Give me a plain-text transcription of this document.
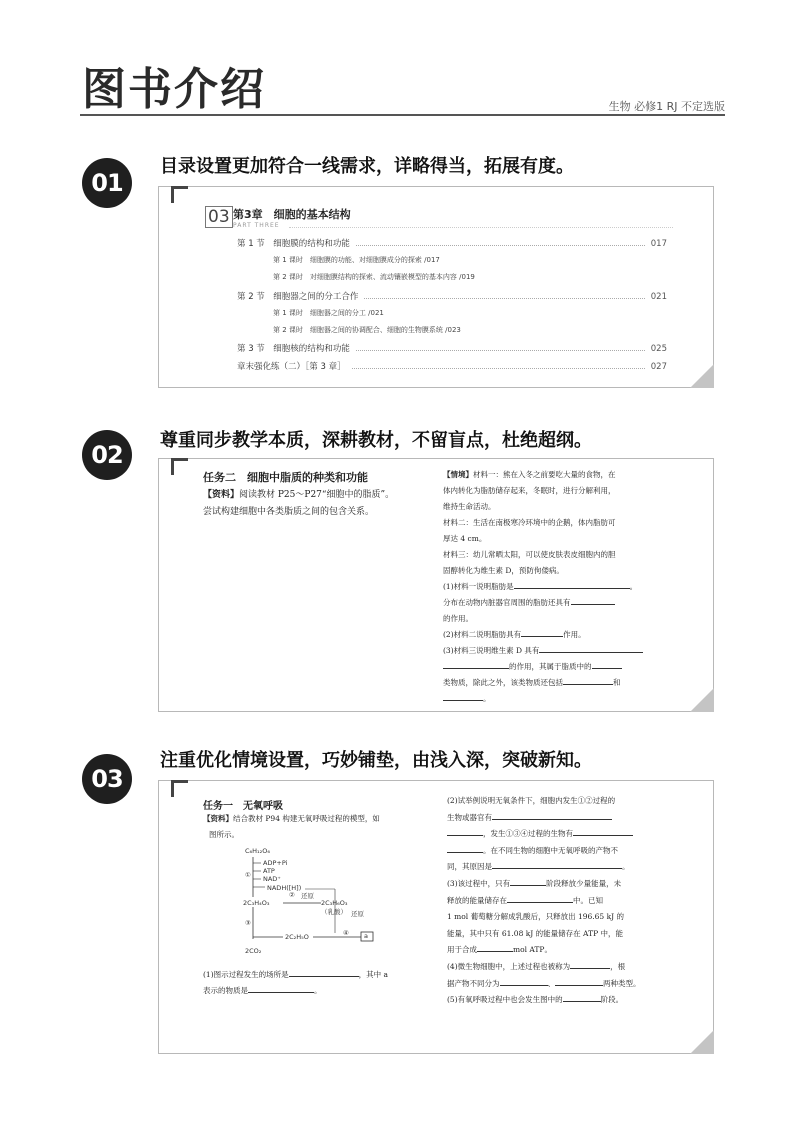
图书介绍	生物 必修1 RJ 不定选版
01
目录设置更加符合一线需求，详略得当，拓展有度。
03 第3章　细胞的基本结构
PART THREE
第 1 节　细胞膜的结构和功能	017
第 1 课时　细胞膜的功能、对细胞膜成分的探索 /017
第 2 课时　对细胞膜结构的探索、流动镶嵌模型的基本内容 /019
第 2 节　细胞器之间的分工合作	021
第 1 课时　细胞器之间的分工 /021
第 2 课时　细胞器之间的协调配合、细胞的生物膜系统 /023
第 3 节　细胞核的结构和功能	025
章末强化练（二）［第 3 章］	027
02
尊重同步教学本质，深耕教材，不留盲点，杜绝超纲。
任务二　细胞中脂质的种类和功能
【资料】阅读教材 P25～P27“细胞中的脂质”。
尝试构建细胞中各类脂质之间的包含关系。
【情境】材料一：熊在入冬之前要吃大量的食物，在
体内转化为脂肪储存起来，冬眠时，进行分解利用，
维持生命活动。
材料二：生活在南极寒冷环境中的企鹅，体内脂肪可
厚达 4 cm。
材料三：幼儿常晒太阳，可以使皮肤表皮细胞内的胆
固醇转化为维生素 D，预防佝偻病。
(1)材料一说明脂肪是	。
分布在动物内脏器官周围的脂肪还具有
的作用。
(2)材料二说明脂肪具有	作用。
(3)材料三说明维生素 D 具有
的作用，其属于脂质中的
类物质，除此之外，该类物质还包括	和
。
03
注重优化情境设置，巧妙铺垫，由浅入深，突破新知。
任务一　无氧呼吸
【资料】结合教材 P94 构建无氧呼吸过程的模型，如
图所示。
C₆H₁₂O₆
ADP+Pi
ATP
NAD⁺
NADH([H])
①
② 还原
2C₃H₄O₃	2C₃H₆O₃
（乳酸） 还原
③
2C₂H₅O	④ a
2CO₂
(1)图示过程发生的场所是	，其中 a
表示的物质是	。
(2)试举例说明无氧条件下，细胞内发生①②过程的
生物或器官有
，发生①③④过程的生物有
。在不同生物的细胞中无氧呼吸的产物不
同，其原因是	。
(3)该过程中，只有	阶段释放少量能量，未
释放的能量储存在	中。已知
1 mol 葡萄糖分解成乳酸后，只释放出 196.65 kJ 的
能量，其中只有 61.08 kJ 的能量储存在 ATP 中，能
用于合成	mol ATP。
(4)微生物细胞中，上述过程也被称为	，根
据产物不同分为	、	两种类型。
(5)有氧呼吸过程中也会发生图中的	阶段。
